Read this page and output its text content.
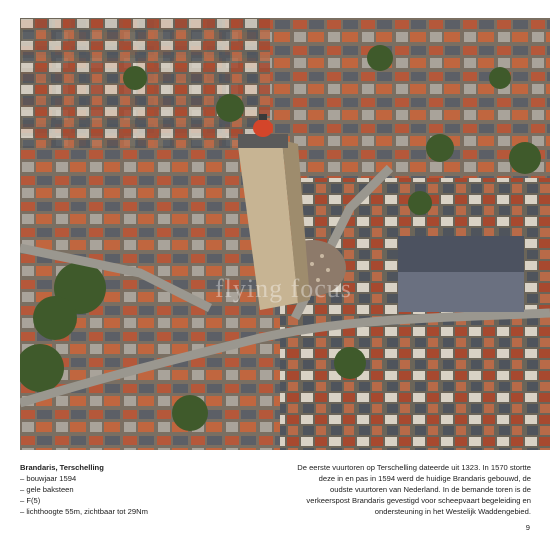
flying focus
Brandaris, Terschelling
– bouwjaar 1594
– gele baksteen
– F(5)
– lichthoogte 55m, zichtbaar tot 29Nm
De eerste vuurtoren op Terschelling dateerde uit 1323. In 1570 stortte deze in en pas in 1594 werd de huidige Brandaris gebouwd, de oudste vuurtoren van Nederland. In de bemande toren is de verkeerspost Brandaris gevestigd voor scheepvaart begeleiding en ondersteuning in het Westelijk Waddengebied.
9
